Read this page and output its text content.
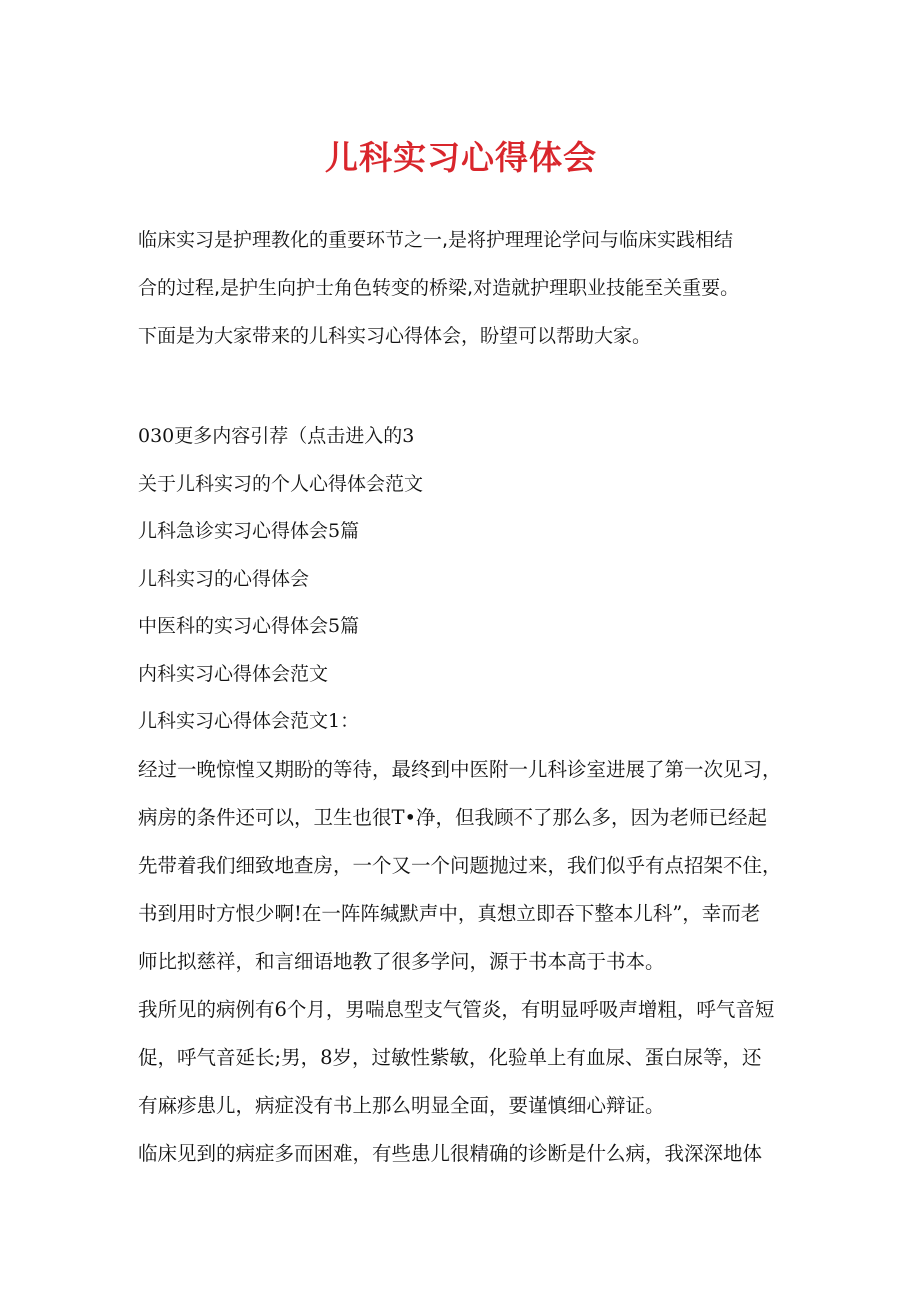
儿科实习心得体会

临床实习是护理教化的重要环节之一,是将护理理论学问与临床实践相结

合的过程,是护生向护士角色转变的桥梁,对造就护理职业技能至关重要。

下面是为大家带来的儿科实习心得体会，盼望可以帮助大家。

030更多内容引荐（点击进入的3

关于儿科实习的个人心得体会范文

儿科急诊实习心得体会5篇

儿科实习的心得体会

中医科的实习心得体会5篇

内科实习心得体会范文

儿科实习心得体会范文1：

经过一晚惊惶又期盼的等待，最终到中医附一儿科诊室进展了第一次见习，

病房的条件还可以，卫生也很T•净，但我顾不了那么多，因为老师已经起

先带着我们细致地查房，一个又一个问题抛过来，我们似乎有点招架不住，

书到用时方恨少啊!在一阵阵缄默声中，真想立即吞下整本儿科”，幸而老

师比拟慈祥，和言细语地教了很多学问，源于书本高于书本。

我所见的病例有6个月，男喘息型支气管炎，有明显呼吸声增粗，呼气音短

促，呼气音延长;男，8岁，过敏性紫敏，化验单上有血尿、蛋白尿等，还

有麻疹患儿，病症没有书上那么明显全面，要谨慎细心辩证。

临床见到的病症多而困难，有些患儿很精确的诊断是什么病，我深深地体
